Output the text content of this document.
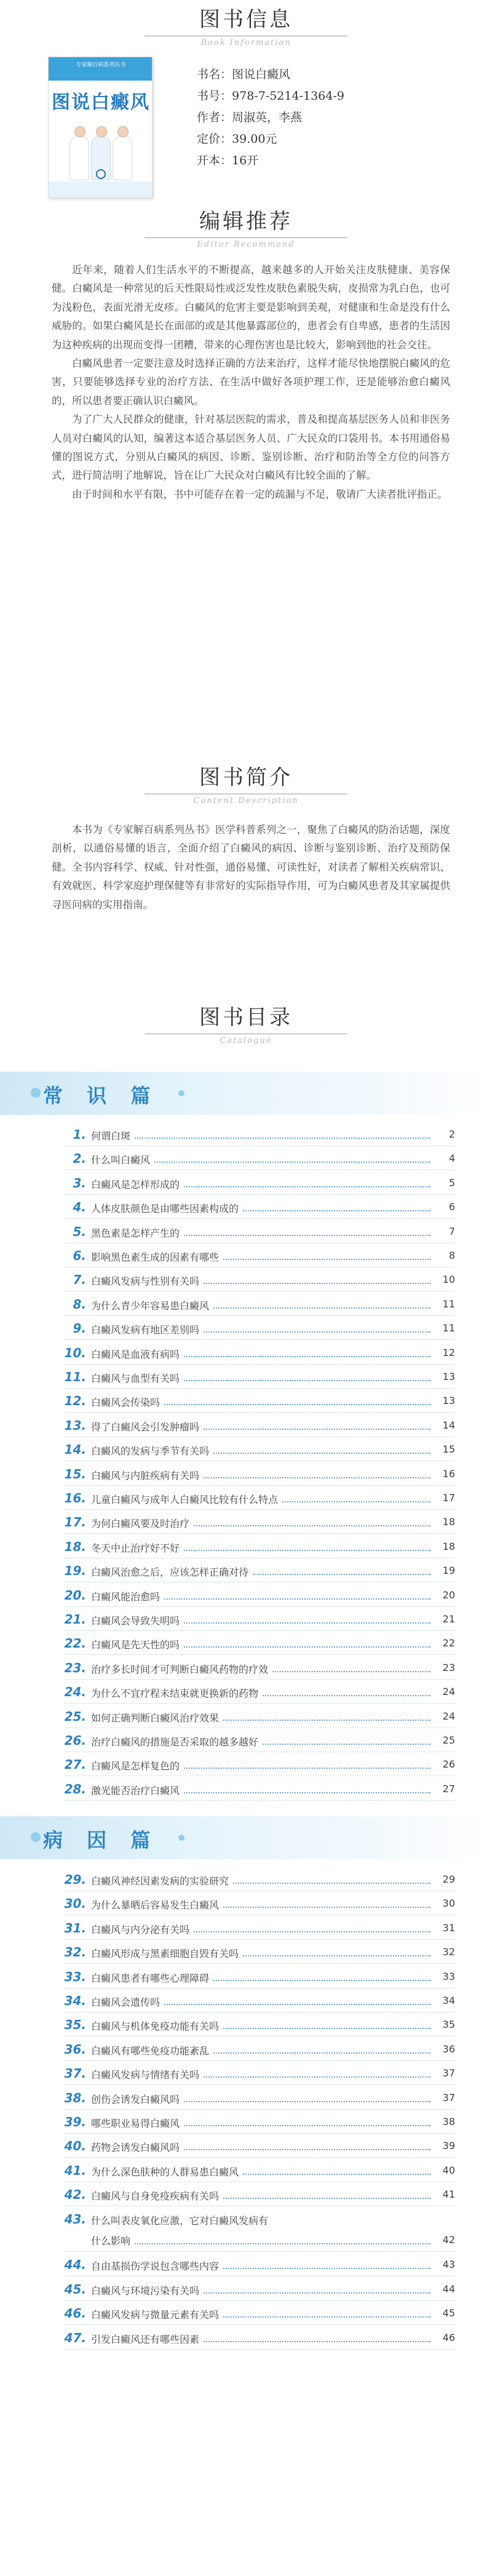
图书信息
Book Information
专家解百病系列丛书
图说白癜风
书名：图说白癜风
书号：978-7-5214-1364-9
作者：周淑英，李燕
定价：39.00元
开本：16开
编辑推荐
Editor Recommend

近年来，随着人们生活水平的不断提高，越来越多的人开始关注皮肤健康、美容保健。白癜风是一种常见的后天性限局性或泛发性皮肤色素脱失病，皮损常为乳白色，也可为浅粉色，表面光滑无皮疹。白癜风的危害主要是影响到美观，对健康和生命是没有什么威胁的。如果白癜风是长在面部的或是其他暴露部位的，患者会有自卑感，患者的生活因为这种疾病的出现而变得一团糟，带来的心理伤害也是比较大，影响到他的社会交往。

白癜风患者一定要注意及时选择正确的方法来治疗，这样才能尽快地摆脱白癜风的危害，只要能够选择专业的治疗方法、在生活中做好各项护理工作，还是能够治愈白癜风的，所以患者要正确认识白癜风。

为了广大人民群众的健康，针对基层医院的需求，普及和提高基层医务人员和非医务人员对白癜风的认知，编著这本适合基层医务人员、广大民众的口袋用书。本书用通俗易懂的图说方式，分别从白癜风的病因、诊断、鉴别诊断、治疗和防治等全方位的问答方式，进行简洁明了地解说，旨在让广大民众对白癜风有比较全面的了解。

由于时间和水平有限，书中可能存在着一定的疏漏与不足，敬请广大读者批评指正。

图书简介
Content Description

本书为《专家解百病系列丛书》医学科普系列之一，聚焦了白癜风的防治话题，深度剖析，以通俗易懂的语言，全面介绍了白癜风的病因、诊断与鉴别诊断、治疗及预防保健。全书内容科学、权威、针对性强，通俗易懂、可读性好，对读者了解相关疾病常识、有效就医、科学家庭护理保健等有非常好的实际指导作用，可为白癜风患者及其家属提供寻医问病的实用指南。

图书目录
Catalogue
常 识 篇
1. 何谓白斑	2
2. 什么叫白癜风	4
3. 白癜风是怎样形成的	5
4. 人体皮肤颜色是由哪些因素构成的	6
5. 黑色素是怎样产生的	7
6. 影响黑色素生成的因素有哪些	8
7. 白癜风发病与性别有关吗	10
8. 为什么青少年容易患白癜风	11
9. 白癜风发病有地区差别吗	11
10. 白癜风是血液有病吗	12
11. 白癜风与血型有关吗	13
12. 白癜风会传染吗	13
13. 得了白癜风会引发肿瘤吗	14
14. 白癜风的发病与季节有关吗	15
15. 白癜风与内脏疾病有关吗	16
16. 儿童白癜风与成年人白癜风比较有什么特点	17
17. 为何白癜风要及时治疗	18
18. 冬天中止治疗好不好	18
19. 白癜风治愈之后，应该怎样正确对待	19
20. 白癜风能治愈吗	20
21. 白癜风会导致失明吗	21
22. 白癜风是先天性的吗	22
23. 治疗多长时间才可判断白癜风药物的疗效	23
24. 为什么不宜疗程未结束就更换新的药物	24
25. 如何正确判断白癜风治疗效果	24
26. 治疗白癜风的措施是否采取的越多越好	25
27. 白癜风是怎样复色的	26
28. 激光能否治疗白癜风	27
病 因 篇
29. 白癜风神经因素发病的实验研究	29
30. 为什么暴晒后容易发生白癜风	30
31. 白癜风与内分泌有关吗	31
32. 白癜风形成与黑素细胞自毁有关吗	32
33. 白癜风患者有哪些心理障碍	33
34. 白癜风会遗传吗	34
35. 白癜风与机体免疫功能有关吗	35
36. 白癜风有哪些免疫功能紊乱	36
37. 白癜风发病与情绪有关吗	37
38. 创伤会诱发白癜风吗	37
39. 哪些职业易得白癜风	38
40. 药物会诱发白癜风吗	39
41. 为什么深色肤种的人群易患白癜风	40
42. 白癜风与自身免疫疾病有关吗	41
43. 什么叫表皮氧化应激，它对白癜风发病有
什么影响	42
44. 自由基损伤学说包含哪些内容	43
45. 白癜风与环境污染有关吗	44
46. 白癜风发病与微量元素有关吗	45
47. 引发白癜风还有哪些因素	46
